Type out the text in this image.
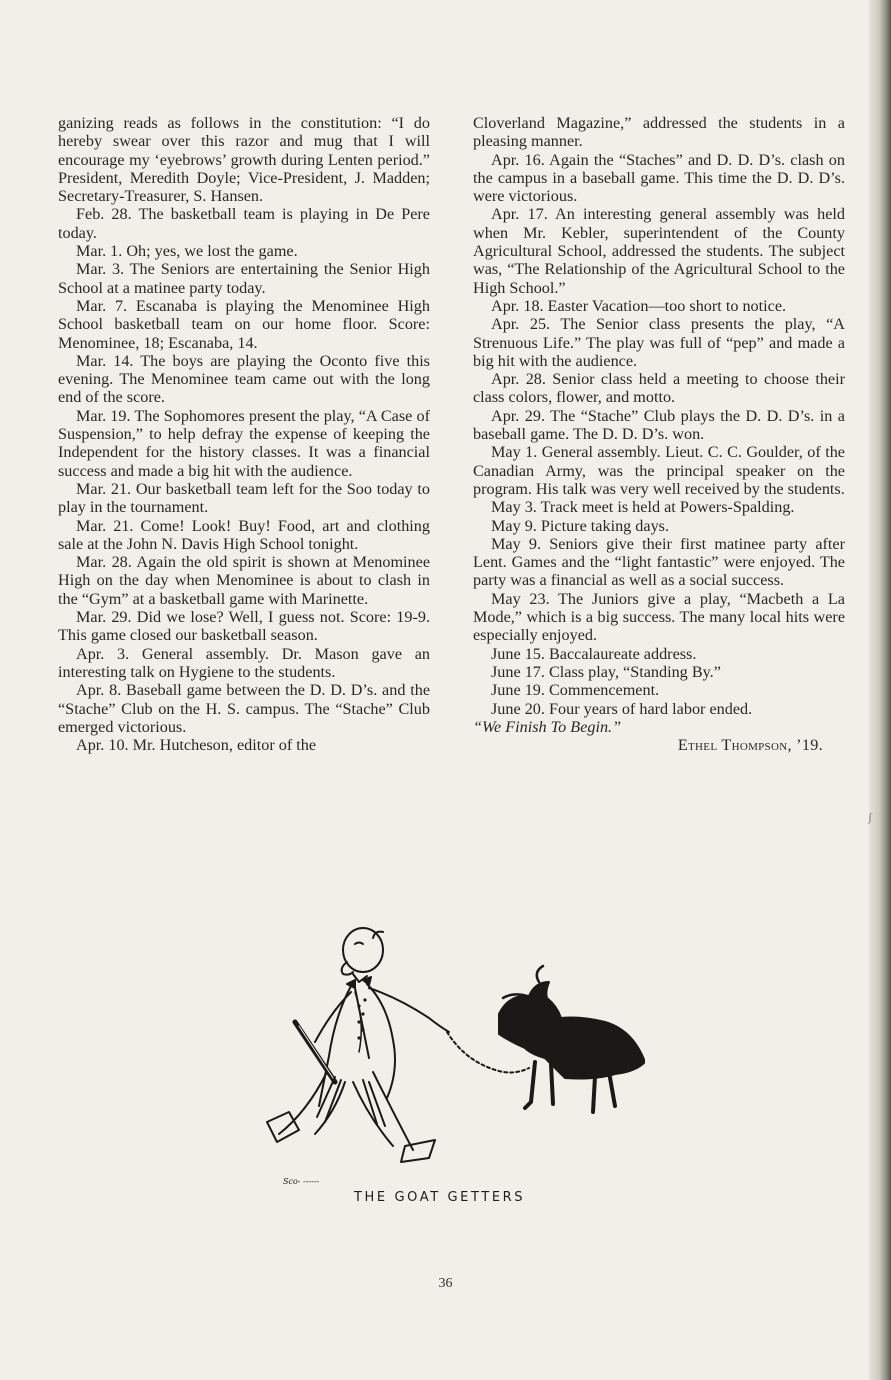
ganizing reads as follows in the constitution: “I do hereby swear over this razor and mug that I will encourage my ‘eyebrows’ growth during Lenten period.” President, Meredith Doyle; Vice-President, J. Madden; Secretary-Treasurer, S. Hansen.

Feb. 28. The basketball team is playing in De Pere today.

Mar. 1. Oh; yes, we lost the game.

Mar. 3. The Seniors are entertaining the Senior High School at a matinee party today.

Mar. 7. Escanaba is playing the Menominee High School basketball team on our home floor. Score: Menominee, 18; Escanaba, 14.

Mar. 14. The boys are playing the Oconto five this evening. The Menominee team came out with the long end of the score.

Mar. 19. The Sophomores present the play, “A Case of Suspension,” to help defray the expense of keeping the Independent for the history classes. It was a financial success and made a big hit with the audience.

Mar. 21. Our basketball team left for the Soo today to play in the tournament.

Mar. 21. Come! Look! Buy! Food, art and clothing sale at the John N. Davis High School tonight.

Mar. 28. Again the old spirit is shown at Menominee High on the day when Menominee is about to clash in the “Gym” at a basketball game with Marinette.

Mar. 29. Did we lose? Well, I guess not. Score: 19-9. This game closed our basketball season.

Apr. 3. General assembly. Dr. Mason gave an interesting talk on Hygiene to the students.

Apr. 8. Baseball game between the D. D. D’s. and the “Stache” Club on the H. S. campus. The “Stache” Club emerged victorious.

Apr. 10. Mr. Hutcheson, editor of the

Cloverland Magazine,” addressed the students in a pleasing manner.

Apr. 16. Again the “Staches” and D. D. D’s. clash on the campus in a baseball game. This time the D. D. D’s. were victorious.

Apr. 17. An interesting general assembly was held when Mr. Kebler, superintendent of the County Agricultural School, addressed the students. The subject was, “The Relationship of the Agricultural School to the High School.”

Apr. 18. Easter Vacation—too short to notice.

Apr. 25. The Senior class presents the play, “A Strenuous Life.” The play was full of “pep” and made a big hit with the audience.

Apr. 28. Senior class held a meeting to choose their class colors, flower, and motto.

Apr. 29. The “Stache” Club plays the D. D. D’s. in a baseball game. The D. D. D’s. won.

May 1. General assembly. Lieut. C. C. Goulder, of the Canadian Army, was the principal speaker on the program. His talk was very well received by the students.

May 3. Track meet is held at Powers-Spalding.

May 9. Picture taking days.

May 9. Seniors give their first matinee party after Lent. Games and the “light fantastic” were enjoyed. The party was a financial as well as a social success.

May 23. The Juniors give a play, “Macbeth a La Mode,” which is a big success. The many local hits were especially enjoyed.

June 15. Baccalaureate address.

June 17. Class play, “Standing By.”

June 19. Commencement.

June 20. Four years of hard labor ended.

“We Finish To Begin.”

Ethel Thompson, ’19.

ʃ
Sco- ------
THE GOAT GETTERS
36
